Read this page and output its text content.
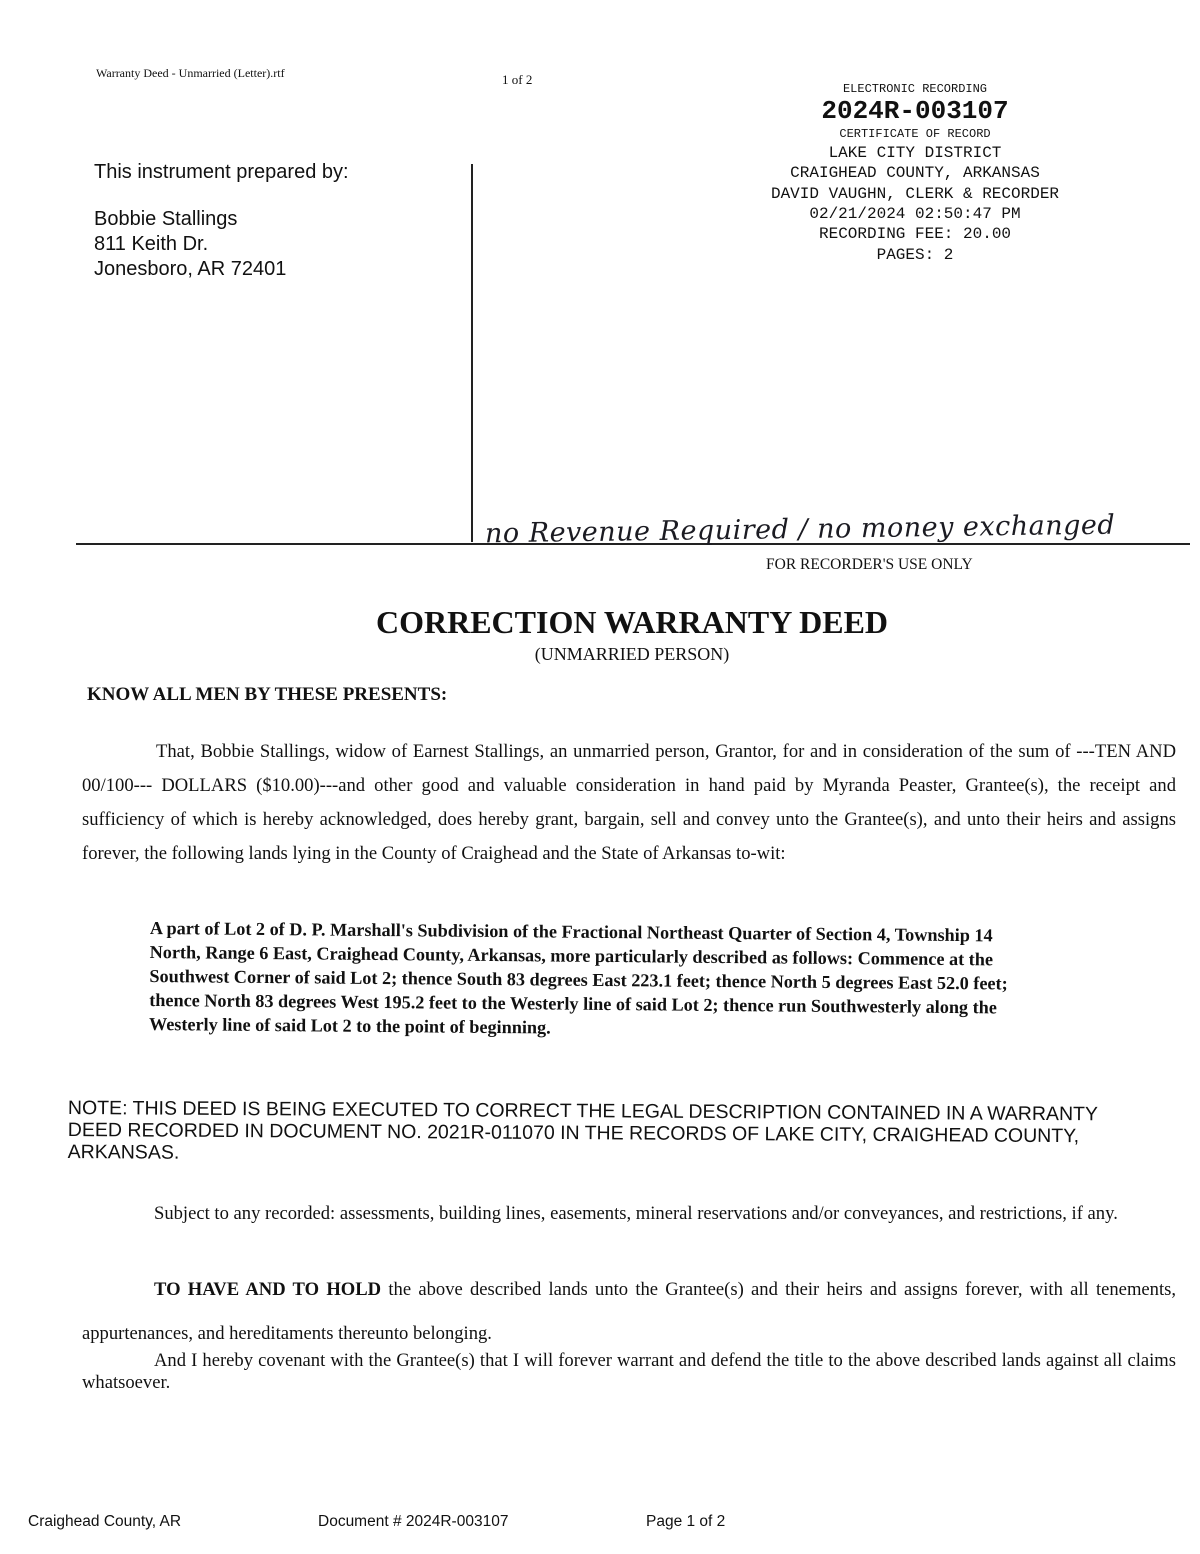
Warranty Deed - Unmarried (Letter).rtf	1 of 2
ELECTRONIC RECORDING
2024R-003107
CERTIFICATE OF RECORD
LAKE CITY DISTRICT
CRAIGHEAD COUNTY, ARKANSAS
DAVID VAUGHN, CLERK & RECORDER
02/21/2024 02:50:47 PM
RECORDING FEE: 20.00
PAGES: 2
This instrument prepared by:
Bobbie Stallings
811 Keith Dr.
Jonesboro, AR 72401
no Revenue Required / no money exchanged
FOR RECORDER'S USE ONLY
CORRECTION WARRANTY DEED
(UNMARRIED PERSON)
KNOW ALL MEN BY THESE PRESENTS:
That, Bobbie Stallings, widow of Earnest Stallings, an unmarried person, Grantor, for and in consideration of the sum of ---TEN AND 00/100--- DOLLARS ($10.00)---and other good and valuable consideration in hand paid by Myranda Peaster, Grantee(s), the receipt and sufficiency of which is hereby acknowledged, does hereby grant, bargain, sell and convey unto the Grantee(s), and unto their heirs and assigns forever, the following lands lying in the County of Craighead and the State of Arkansas to-wit:
A part of Lot 2 of D. P. Marshall's Subdivision of the Fractional Northeast Quarter of Section 4, Township 14 North, Range 6 East, Craighead County, Arkansas, more particularly described as follows: Commence at the Southwest Corner of said Lot 2; thence South 83 degrees East 223.1 feet; thence North 5 degrees East 52.0 feet; thence North 83 degrees West 195.2 feet to the Westerly line of said Lot 2; thence run Southwesterly along the Westerly line of said Lot 2 to the point of beginning.
NOTE: THIS DEED IS BEING EXECUTED TO CORRECT THE LEGAL DESCRIPTION CONTAINED IN A WARRANTY DEED RECORDED IN DOCUMENT NO. 2021R-011070 IN THE RECORDS OF LAKE CITY, CRAIGHEAD COUNTY, ARKANSAS.
Subject to any recorded: assessments, building lines, easements, mineral reservations and/or conveyances, and restrictions, if any.
TO HAVE AND TO HOLD the above described lands unto the Grantee(s) and their heirs and assigns forever, with all tenements, appurtenances, and hereditaments thereunto belonging.
And I hereby covenant with the Grantee(s) that I will forever warrant and defend the title to the above described lands against all claims whatsoever.
Craighead County, AR	Document # 2024R-003107	Page 1 of 2
